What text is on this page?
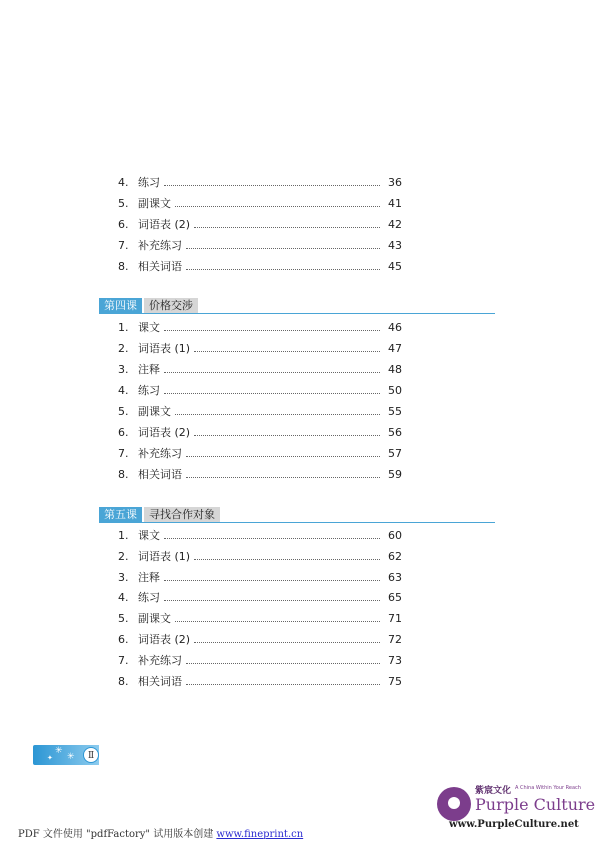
4. 练习	36
5. 副课文	41
6. 词语表 (2)	42
7. 补充练习	43
8. 相关词语	45
第四课	价格交涉
1. 课文	46
2. 词语表 (1)	47
3. 注释	48
4. 练习	50
5. 副课文	55
6. 词语表 (2)	56
7. 补充练习	57
8. 相关词语	59
第五课	寻找合作对象
1. 课文	60
2. 词语表 (1)	62
3. 注释	63
4. 练习	65
5. 副课文	71
6. 词语表 (2)	72
7. 补充练习	73
8. 相关词语	75
✳
✳
✦	Ⅱ
PDF 文件使用 "pdfFactory" 试用版本创建 www.fineprint.cn
紫宸文化 A China Within Your Reach
Purple Culture
www.PurpleCulture.net
